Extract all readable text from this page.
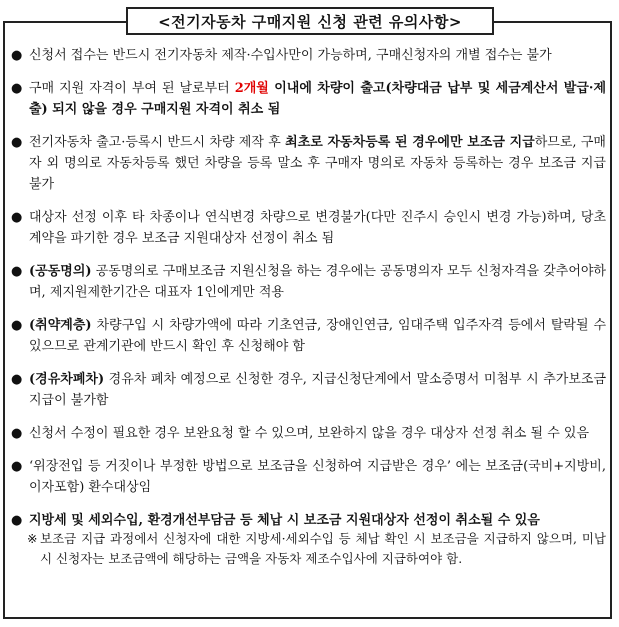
<전기자동차 구매지원 신청 관련 유의사항>
● 신청서 접수는 반드시 전기자동차 제작·수입사만이 가능하며, 구매신청자의 개별 접수는 불가
● 구매 지원 자격이 부여 된 날로부터 2개월 이내에 차량이 출고(차량대금 납부 및 세금계산서 발급·제출) 되지 않을 경우 구매지원 자격이 취소 됨
● 전기자동차 출고·등록시 반드시 차량 제작 후 최초로 자동차등록 된 경우에만 보조금 지급하므로, 구매자 외 명의로 자동차등록 했던 차량을 등록 말소 후 구매자 명의로 자동차 등록하는 경우 보조금 지급 불가
● 대상자 선정 이후 타 차종이나 연식변경 차량으로 변경불가(다만 진주시 승인시 변경 가능)하며, 당초 계약을 파기한 경우 보조금 지원대상자 선정이 취소 됨
● (공동명의) 공동명의로 구매보조금 지원신청을 하는 경우에는 공동명의자 모두 신청자격을 갖추어야하며, 제지원제한기간은 대표자 1인에게만 적용
● (취약계층) 차량구입 시 차량가액에 따라 기초연금, 장애인연금, 임대주택 입주자격 등에서 탈락될 수 있으므로 관계기관에 반드시 확인 후 신청해야 함
● (경유차폐차) 경유차 폐차 예정으로 신청한 경우, 지급신청단계에서 말소증명서 미첨부 시 추가보조금 지급이 불가함
● 신청서 수정이 필요한 경우 보완요청 할 수 있으며, 보완하지 않을 경우 대상자 선정 취소 될 수 있음
● ‘위장전입 등 거짓이나 부정한 방법으로 보조금을 신청하여 지급받은 경우’ 에는 보조금(국비+지방비, 이자포함) 환수대상임
● 지방세 및 세외수입, 환경개선부담금 등 체납 시 보조금 지원대상자 선정이 취소될 수 있음
※ 보조금 지급 과정에서 신청자에 대한 지방세·세외수입 등 체납 확인 시 보조금을 지급하지 않으며, 미납 시 신청자는 보조금액에 해당하는 금액을 자동차 제조수입사에 지급하여야 함.
